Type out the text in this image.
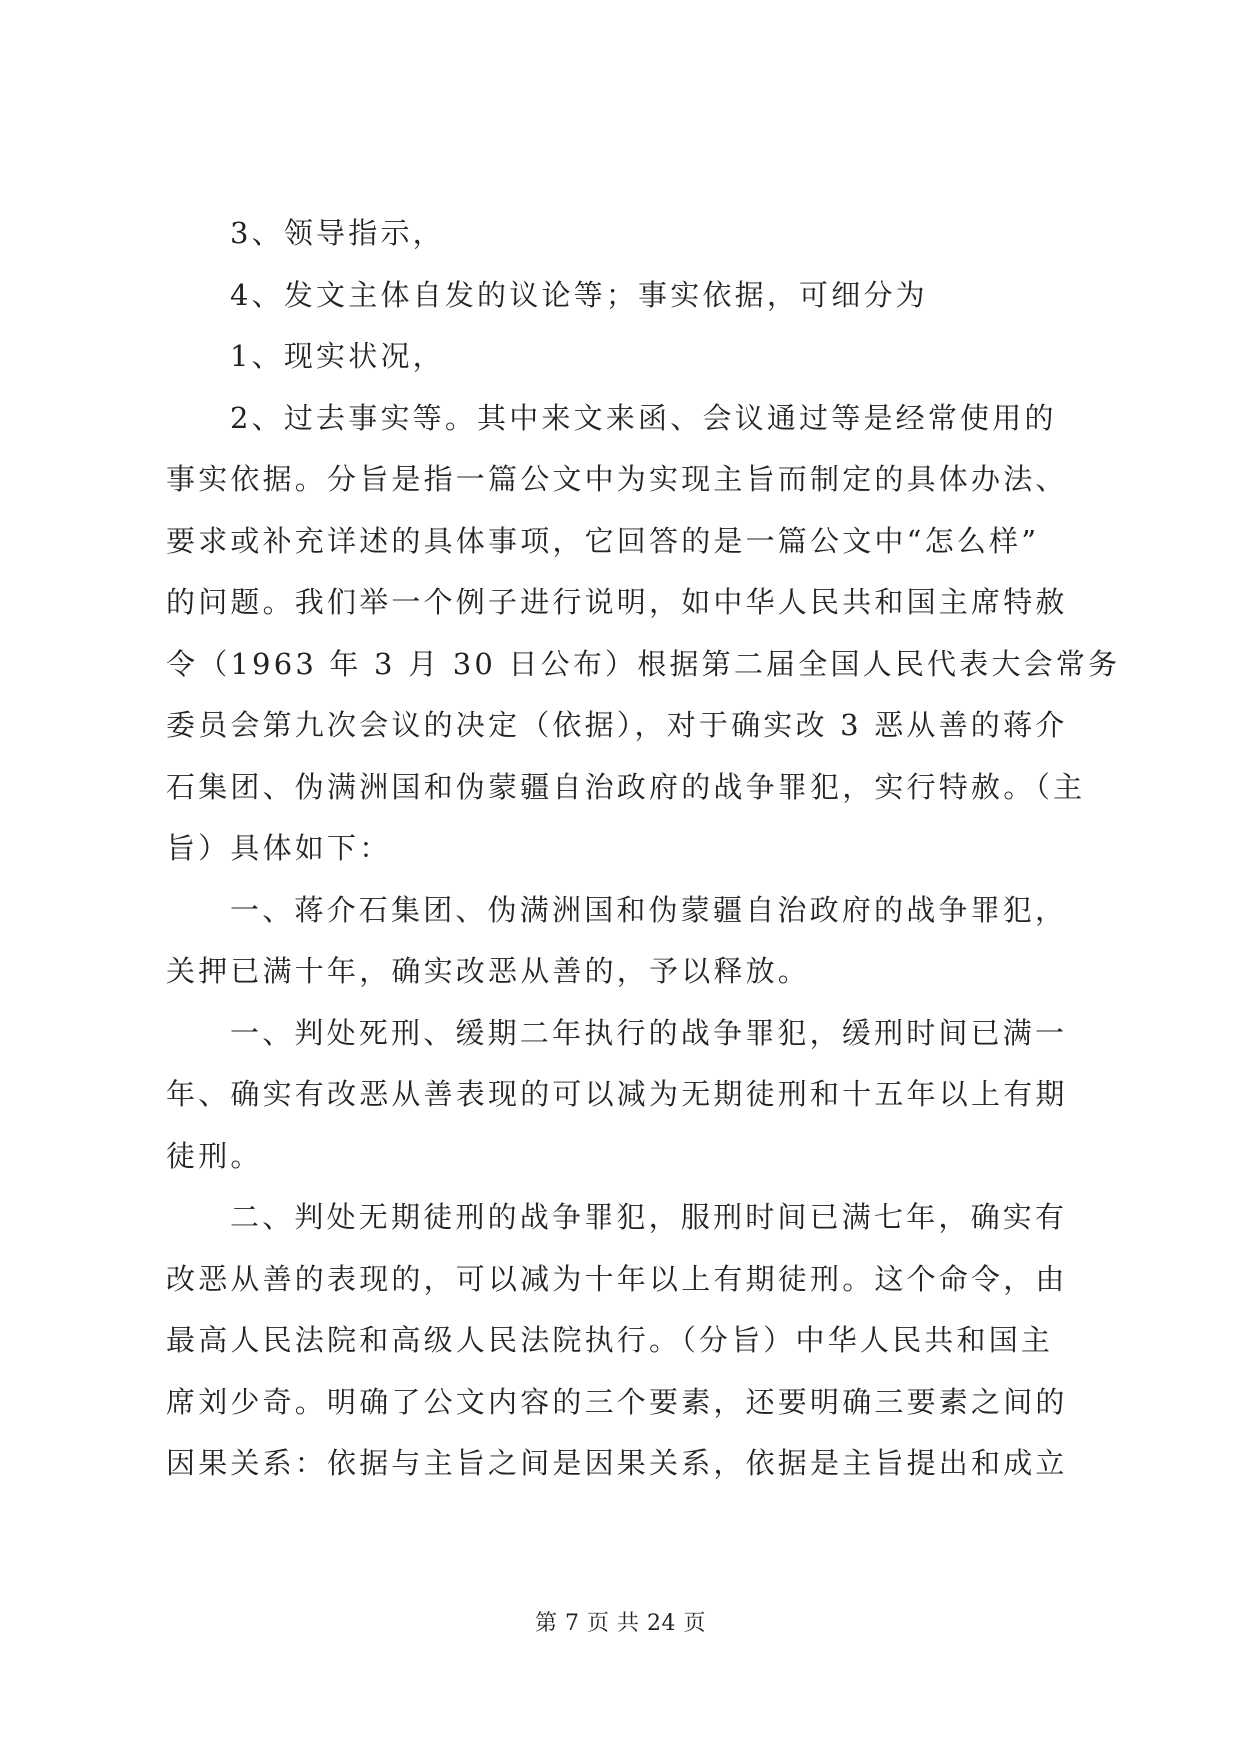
3、领导指示，
4、发文主体自发的议论等；事实依据，可细分为
1、现实状况，
2、过去事实等。其中来文来函、会议通过等是经常使用的
事实依据。分旨是指一篇公文中为实现主旨而制定的具体办法、
要求或补充详述的具体事项，它回答的是一篇公文中“怎么样”
的问题。我们举一个例子进行说明，如中华人民共和国主席特赦
令（1963 年 3 月 30 日公布）根据第二届全国人民代表大会常务
委员会第九次会议的决定（依据），对于确实改 3 恶从善的蒋介
石集团、伪满洲国和伪蒙疆自治政府的战争罪犯，实行特赦。（主
旨）具体如下：
一、蒋介石集团、伪满洲国和伪蒙疆自治政府的战争罪犯，
关押已满十年，确实改恶从善的，予以释放。
一、判处死刑、缓期二年执行的战争罪犯，缓刑时间已满一
年、确实有改恶从善表现的可以减为无期徒刑和十五年以上有期
徒刑。
二、判处无期徒刑的战争罪犯，服刑时间已满七年，确实有
改恶从善的表现的，可以减为十年以上有期徒刑。这个命令，由
最高人民法院和高级人民法院执行。（分旨）中华人民共和国主
席刘少奇。明确了公文内容的三个要素，还要明确三要素之间的
因果关系：依据与主旨之间是因果关系，依据是主旨提出和成立
第 7 页 共 24 页
